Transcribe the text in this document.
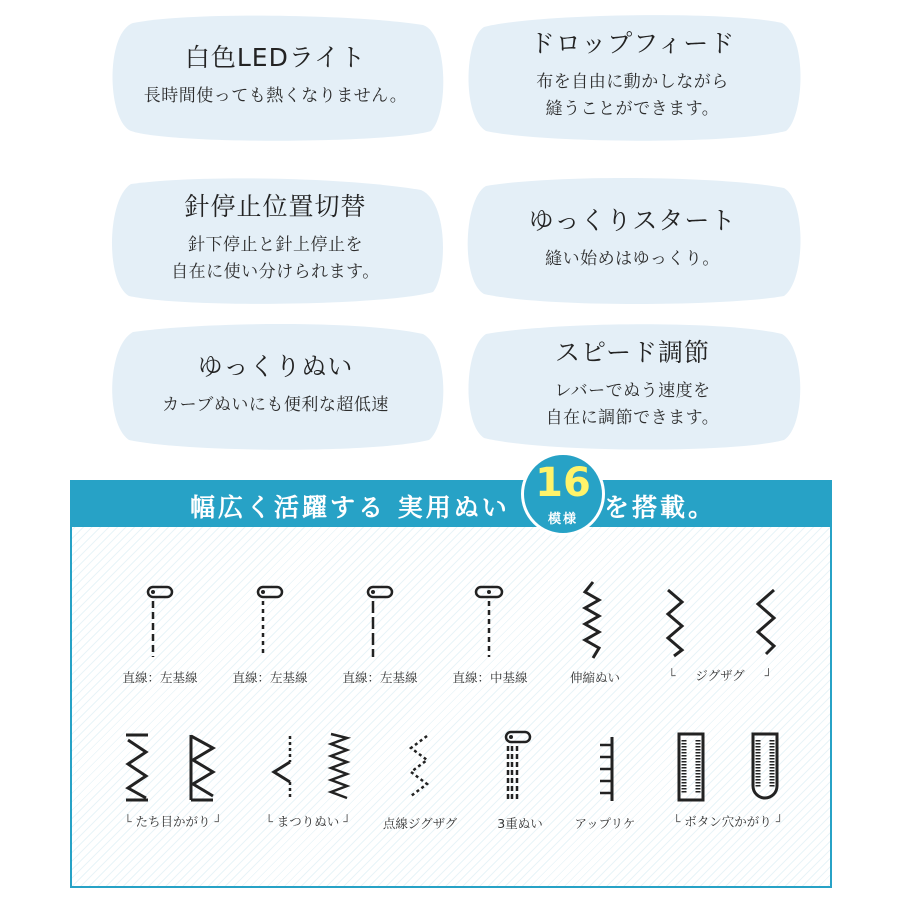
白色LEDライト
長時間使っても熱くなりません。
ドロップフィード
布を自由に動かしながら
縫うことができます。
針停止位置切替
針下停止と針上停止を
自在に使い分けられます。
ゆっくりスタート
縫い始めはゆっくり。
ゆっくりぬい
カーブぬいにも便利な超低速
スピード調節
レバーでぬう速度を
自在に調節できます。
幅広く活躍する 実用ぬい	を搭載。
16
模様
直線：左基線	直線：左基線	直線：左基線	直線：中基線	伸縮ぬい	└ ジグザグ ┘
└ たち目かがり ┘	└ まつりぬい ┘	点線ジグザグ	3重ぬい	アップリケ	└ ボタン穴かがり ┘
